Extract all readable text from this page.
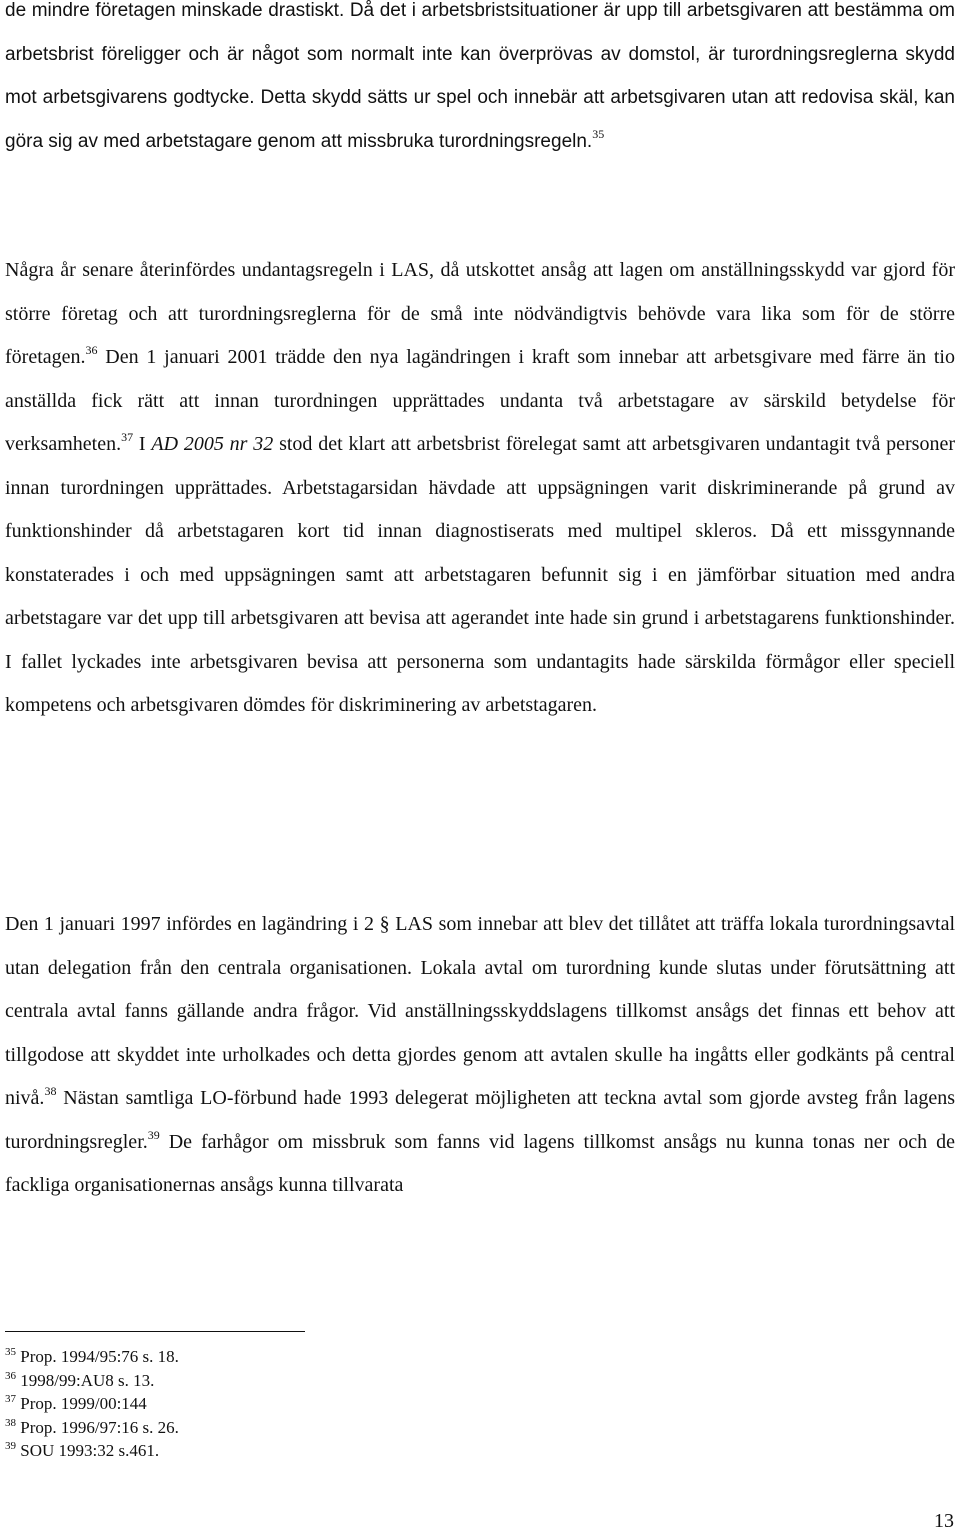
de mindre företagen minskade drastiskt. Då det i arbetsbristsituationer är upp till arbetsgivaren att bestämma om arbetsbrist föreligger och är något som normalt inte kan överprövas av domstol, är turordningsreglerna skydd mot arbetsgivarens godtycke. Detta skydd sätts ur spel och innebär att arbetsgivaren utan att redovisa skäl, kan göra sig av med arbetstagare genom att missbruka turordningsregeln.$^{35}$

Några år senare återinfördes undantagsregeln i LAS, då utskottet ansåg att lagen om anställningsskydd var gjord för större företag och att turordningsreglerna för de små inte nödvändigtvis behövde vara lika som för de större företagen.$^{36}$ Den 1 januari 2001 trädde den nya lagändringen i kraft som innebar att arbetsgivare med färre än tio anställda fick rätt att innan turordningen upprättades undanta två arbetstagare av särskild betydelse för verksamheten.$^{37}$ I AD 2005 nr 32 stod det klart att arbetsbrist förelegat samt att arbetsgivaren undantagit två personer innan turordningen upprättades. Arbetstagarsidan hävdade att uppsägningen varit diskriminerande på grund av funktionshinder då arbetstagaren kort tid innan diagnostiserats med multipel skleros. Då ett missgynnande konstaterades i och med uppsägningen samt att arbetstagaren befunnit sig i en jämförbar situation med andra arbetstagare var det upp till arbetsgivaren att bevisa att agerandet inte hade sin grund i arbetstagarens funktionshinder. I fallet lyckades inte arbetsgivaren bevisa att personerna som undantagits hade särskilda förmågor eller speciell kompetens och arbetsgivaren dömdes för diskriminering av arbetstagaren.

Den 1 januari 1997 infördes en lagändring i 2 § LAS som innebar att blev det tillåtet att träffa lokala turordningsavtal utan delegation från den centrala organisationen. Lokala avtal om turordning kunde slutas under förutsättning att centrala avtal fanns gällande andra frågor. Vid anställningsskyddslagens tillkomst ansågs det finnas ett behov att tillgodose att skyddet inte urholkades och detta gjordes genom att avtalen skulle ha ingåtts eller godkänts på central nivå.$^{38}$ Nästan samtliga LO-förbund hade 1993 delegerat möjligheten att teckna avtal som gjorde avsteg från lagens turordningsregler.$^{39}$ De farhågor om missbruk som fanns vid lagens tillkomst ansågs nu kunna tonas ner och de fackliga organisationernas ansågs kunna tillvarata

$^{35}$ Prop. 1994/95:76 s. 18.
$^{36}$ 1998/99:AU8 s. 13.
$^{37}$ Prop. 1999/00:144
$^{38}$ Prop. 1996/97:16 s. 26.
$^{39}$ SOU 1993:32 s.461.
13
